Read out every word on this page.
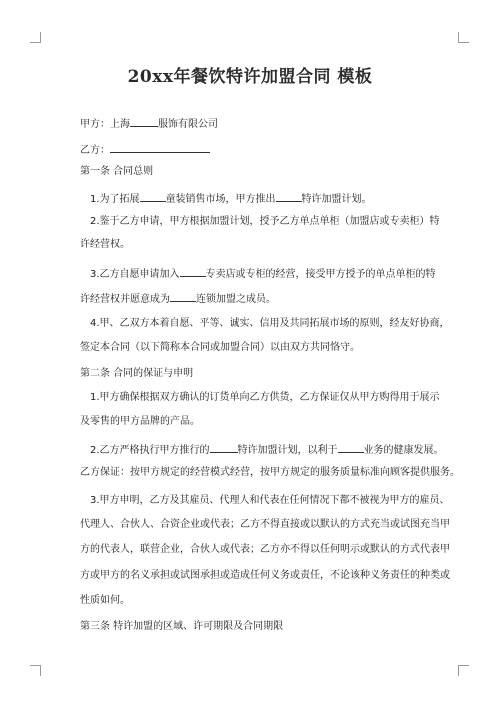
20xx年餐饮特许加盟合同 模板
甲方：上海	服饰有限公司
乙方：
第一条 合同总则
1.为了拓展	童装销售市场，甲方推出	特许加盟计划。
2.鉴于乙方申请，甲方根据加盟计划，授予乙方单点单柜（加盟店或专卖柜）特
许经营权。
3.乙方自愿申请加入	专卖店或专柜的经营，接受甲方授予的单点单柜的特
许经营权并愿意成为	连锁加盟之成员。
4.甲、乙双方本着自愿、平等、诚实、信用及共同拓展市场的原则，经友好协商，
签定本合同（以下简称本合同或加盟合同）以由双方共同恪守。
第二条 合同的保证与申明
1.甲方确保根据双方确认的订货单向乙方供货，乙方保证仅从甲方购得用于展示
及零售的甲方品牌的产品。
2.乙方严格执行甲方推行的	特许加盟计划，以利于	业务的健康发展。
乙方保证：按甲方规定的经营模式经营，按甲方规定的服务质量标准向顾客提供服务。
3.甲方申明，乙方及其雇员、代理人和代表在任何情况下都不被视为甲方的雇员、
代理人、合伙人、合资企业或代表；乙方不得直接或以默认的方式充当或试图充当甲
方的代表人，联营企业，合伙人或代表；乙方亦不得以任何明示或默认的方式代表甲
方或甲方的名义承担或试图承担或造成任何义务或责任，不论该种义务责任的种类或
性质如何。
第三条 特许加盟的区域、许可期限及合同期限
